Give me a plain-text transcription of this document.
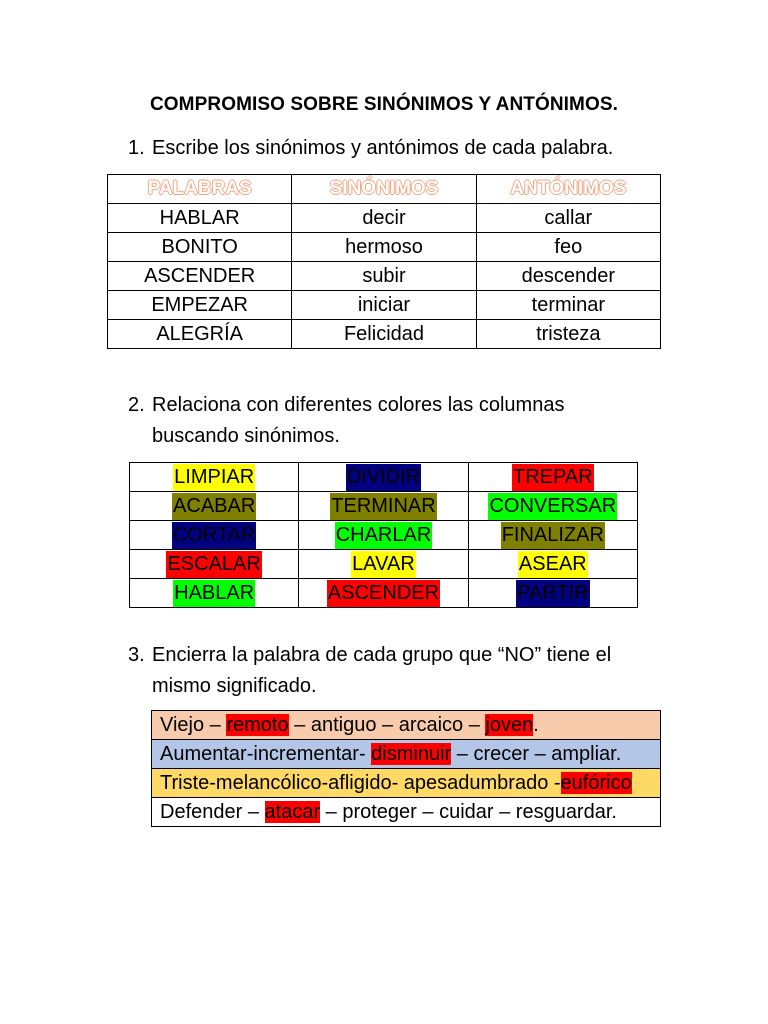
COMPROMISO SOBRE SINÓNIMOS Y ANTÓNIMOS.
1. Escribe los sinónimos y antónimos de cada palabra.
PALABRAS	SINÓNIMOS	ANTÓNIMOS
HABLAR	decir	callar
BONITO	hermoso	feo
ASCENDER	subir	descender
EMPEZAR	iniciar	terminar
ALEGRÍA	Felicidad	tristeza
2. Relaciona con diferentes colores las columnas
buscando sinónimos.
LIMPIAR	DIVIDIR	TREPAR
ACABAR	TERMINAR	CONVERSAR
CORTAR	CHARLAR	FINALIZAR
ESCALAR	LAVAR	ASEAR
HABLAR	ASCENDER	PARTIR
3. Encierra la palabra de cada grupo que “NO” tiene el
mismo significado.
Viejo – remoto – antiguo – arcaico – joven.
Aumentar-incrementar- disminuir – crecer – ampliar.
Triste-melancólico-afligido- apesadumbrado -eufórico
Defender – atacar – proteger – cuidar – resguardar.
